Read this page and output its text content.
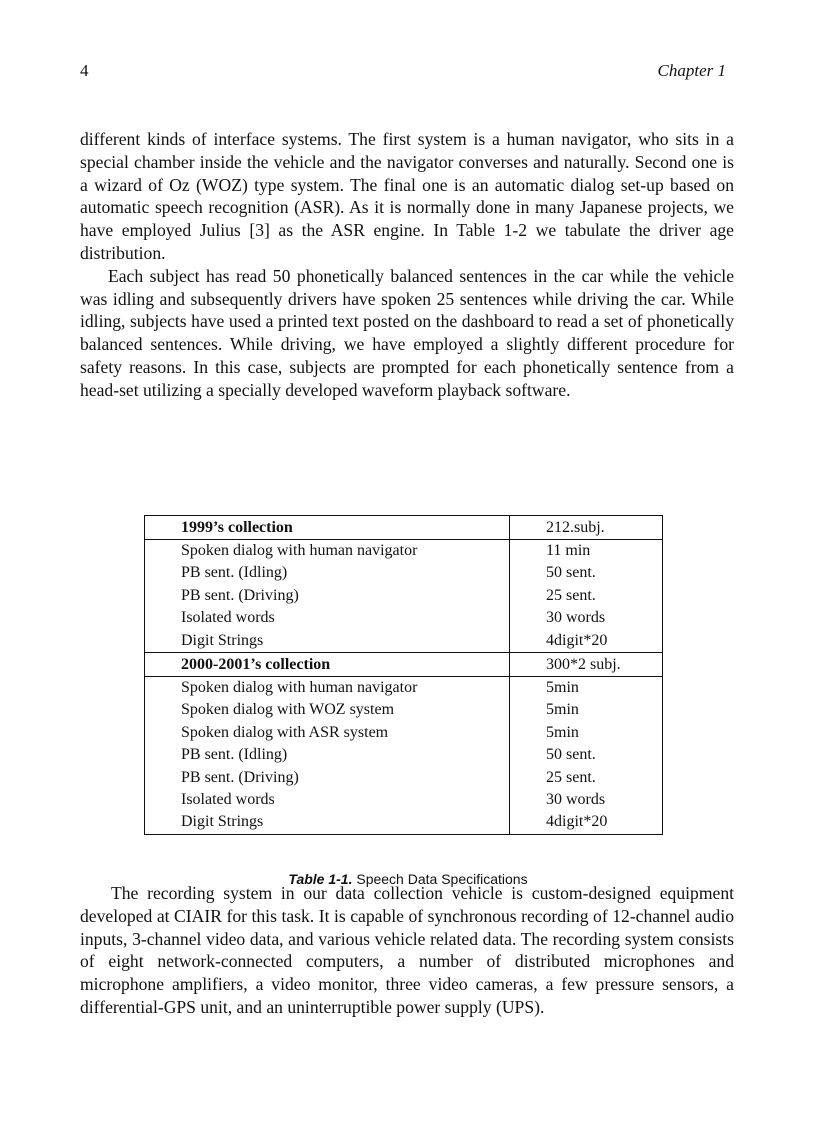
4	Chapter 1

different kinds of interface systems. The first system is a human navigator, who sits in a special chamber inside the vehicle and the navigator converses and naturally. Second one is a wizard of Oz (WOZ) type system. The final one is an automatic dialog set-up based on automatic speech recognition (ASR). As it is normally done in many Japanese projects, we have employed Julius [3] as the ASR engine. In Table 1-2 we tabulate the driver age distribution.
Each subject has read 50 phonetically balanced sentences in the car while the vehicle was idling and subsequently drivers have spoken 25 sentences while driving the car. While idling, subjects have used a printed text posted on the dashboard to read a set of phonetically balanced sentences. While driving, we have employed a slightly different procedure for safety reasons. In this case, subjects are prompted for each phonetically sentence from a head-set utilizing a specially developed waveform playback software.

1999’s collection	212.subj.
Spoken dialog with human navigator	11 min
PB sent. (Idling)	50 sent.
PB sent. (Driving)	25 sent.
Isolated words	30 words
Digit Strings	4digit*20
2000-2001’s collection	300*2 subj.
Spoken dialog with human navigator	5min
Spoken dialog with WOZ system	5min
Spoken dialog with ASR system	5min
PB sent. (Idling)	50 sent.
PB sent. (Driving)	25 sent.
Isolated words	30 words
Digit Strings	4digit*20
Table 1-1. Speech Data Specifications

The recording system in our data collection vehicle is custom-designed equipment developed at CIAIR for this task. It is capable of synchronous recording of 12-channel audio inputs, 3-channel video data, and various vehicle related data. The recording system consists of eight network-connected computers, a number of distributed microphones and microphone amplifiers, a video monitor, three video cameras, a few pressure sensors, a differential-GPS unit, and an uninterruptible power supply (UPS).
